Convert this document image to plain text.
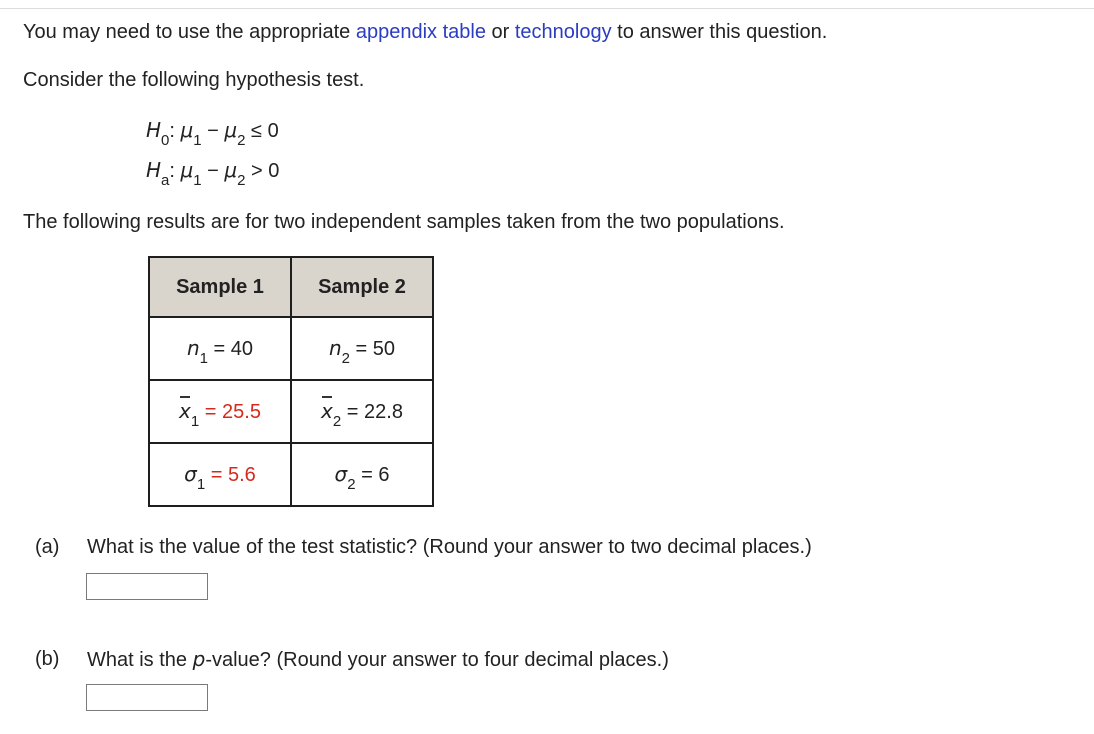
You may need to use the appropriate appendix table or technology to answer this question.
Consider the following hypothesis test.
$H_0$: $\mu_1 - \mu_2 \le 0$
$H_a$: $\mu_1 - \mu_2 > 0$
The following results are for two independent samples taken from the two populations.
Sample 1	Sample 2
$n_1 = 40$	$n_2 = 50$
$x_1 = 25.5$	$x_2 = 22.8$
$\sigma_1 = 5.6$	$\sigma_2 = 6$
(a) What is the value of the test statistic? (Round your answer to two decimal places.)
(b) What is the p-value? (Round your answer to four decimal places.)
